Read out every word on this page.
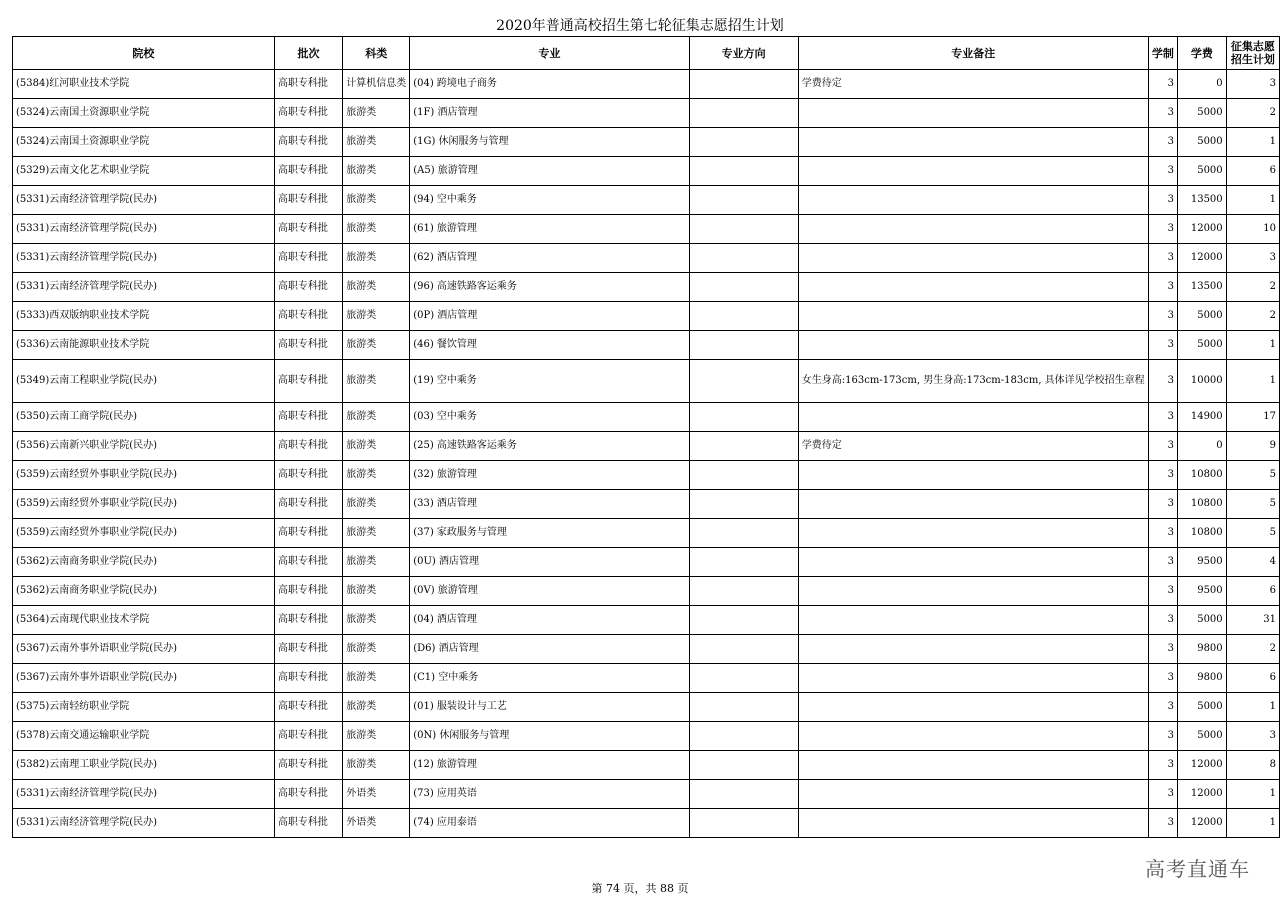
2020年普通高校招生第七轮征集志愿招生计划
院校	批次	科类	专业	专业方向	专业备注	学制	学费	征集志愿招生计划
(5384)红河职业技术学院	高职专科批	计算机信息类	(04) 跨境电子商务		学费待定	3	0	3
(5324)云南国土资源职业学院	高职专科批	旅游类	(1F) 酒店管理			3	5000	2
(5324)云南国土资源职业学院	高职专科批	旅游类	(1G) 休闲服务与管理			3	5000	1
(5329)云南文化艺术职业学院	高职专科批	旅游类	(A5) 旅游管理			3	5000	6
(5331)云南经济管理学院(民办)	高职专科批	旅游类	(94) 空中乘务			3	13500	1
(5331)云南经济管理学院(民办)	高职专科批	旅游类	(61) 旅游管理			3	12000	10
(5331)云南经济管理学院(民办)	高职专科批	旅游类	(62) 酒店管理			3	12000	3
(5331)云南经济管理学院(民办)	高职专科批	旅游类	(96) 高速铁路客运乘务			3	13500	2
(5333)西双版纳职业技术学院	高职专科批	旅游类	(0P) 酒店管理			3	5000	2
(5336)云南能源职业技术学院	高职专科批	旅游类	(46) 餐饮管理			3	5000	1
(5349)云南工程职业学院(民办)	高职专科批	旅游类	(19) 空中乘务		女生身高:163cm-173cm, 男生身高:173cm-183cm, 具体详见学校招生章程	3	10000	1
(5350)云南工商学院(民办)	高职专科批	旅游类	(03) 空中乘务			3	14900	17
(5356)云南新兴职业学院(民办)	高职专科批	旅游类	(25) 高速铁路客运乘务		学费待定	3	0	9
(5359)云南经贸外事职业学院(民办)	高职专科批	旅游类	(32) 旅游管理			3	10800	5
(5359)云南经贸外事职业学院(民办)	高职专科批	旅游类	(33) 酒店管理			3	10800	5
(5359)云南经贸外事职业学院(民办)	高职专科批	旅游类	(37) 家政服务与管理			3	10800	5
(5362)云南商务职业学院(民办)	高职专科批	旅游类	(0U) 酒店管理			3	9500	4
(5362)云南商务职业学院(民办)	高职专科批	旅游类	(0V) 旅游管理			3	9500	6
(5364)云南现代职业技术学院	高职专科批	旅游类	(04) 酒店管理			3	5000	31
(5367)云南外事外语职业学院(民办)	高职专科批	旅游类	(D6) 酒店管理			3	9800	2
(5367)云南外事外语职业学院(民办)	高职专科批	旅游类	(C1) 空中乘务			3	9800	6
(5375)云南轻纺职业学院	高职专科批	旅游类	(01) 服装设计与工艺			3	5000	1
(5378)云南交通运输职业学院	高职专科批	旅游类	(0N) 休闲服务与管理			3	5000	3
(5382)云南理工职业学院(民办)	高职专科批	旅游类	(12) 旅游管理			3	12000	8
(5331)云南经济管理学院(民办)	高职专科批	外语类	(73) 应用英语			3	12000	1
(5331)云南经济管理学院(民办)	高职专科批	外语类	(74) 应用泰语			3	12000	1
第 74 页，共 88 页
高考直通车
